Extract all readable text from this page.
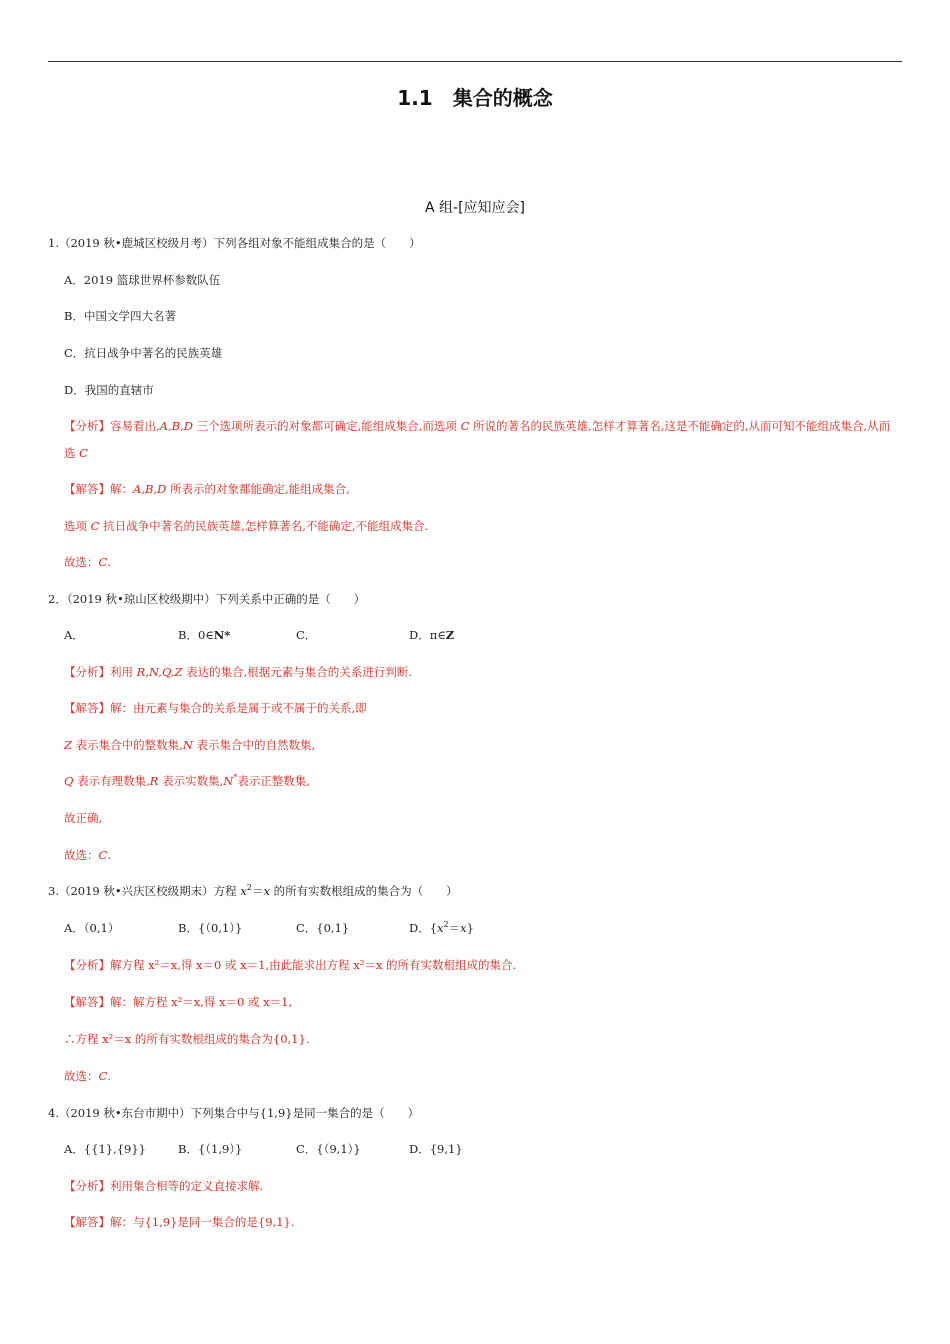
1.1　集合的概念
A 组-[应知应会]
1.（2019 秋•鹿城区校级月考）下列各组对象不能组成集合的是（　　）
A．2019 篮球世界杯参数队伍
B．中国文学四大名著
C．抗日战争中著名的民族英雄
D．我国的直辖市
【分析】容易看出,A,B,D 三个选项所表示的对象都可确定,能组成集合,而选项 C 所说的著名的民族英雄,怎样才算著名,这是不能确定的,从而可知不能组成集合,从而
选 C
【解答】解：A,B,D 所表示的对象都能确定,能组成集合,
选项 C 抗日战争中著名的民族英雄,怎样算著名,不能确定,不能组成集合.
故选：C.
2．（2019 秋•琼山区校级期中）下列关系中正确的是（　　）
A．	B．0∈N*	C．	D．π∈Z
【分析】利用 R,N,Q,Z 表达的集合,根据元素与集合的关系进行判断.
【解答】解：由元素与集合的关系是属于或不属于的关系,即
Z 表示集合中的整数集,N 表示集合中的自然数集,
Q 表示有理数集,R 表示实数集,N*表示正整数集,
故正确,
故选：C.
3.（2019 秋•兴庆区校级期末）方程 $x^2=x$ 的所有实数根组成的集合为（　　）
A．（0,1）	B．{（0,1）}	C．{0,1}	D．$\{x^2=x\}$
【分析】解方程 x²＝x,得 x＝0 或 x＝1,由此能求出方程 x²＝x 的所有实数根组成的集合.
【解答】解：解方程 x²＝x,得 x＝0 或 x＝1,
∴方程 x²＝x 的所有实数根组成的集合为{0,1}.
故选：C.
4.（2019 秋•东台市期中）下列集合中与{1,9}是同一集合的是（　　）
A．{{1},{9}}	B．{（1,9）}	C．{（9,1）}	D．{9,1}
【分析】利用集合相等的定义直接求解.
【解答】解：与{1,9}是同一集合的是{9,1}.
